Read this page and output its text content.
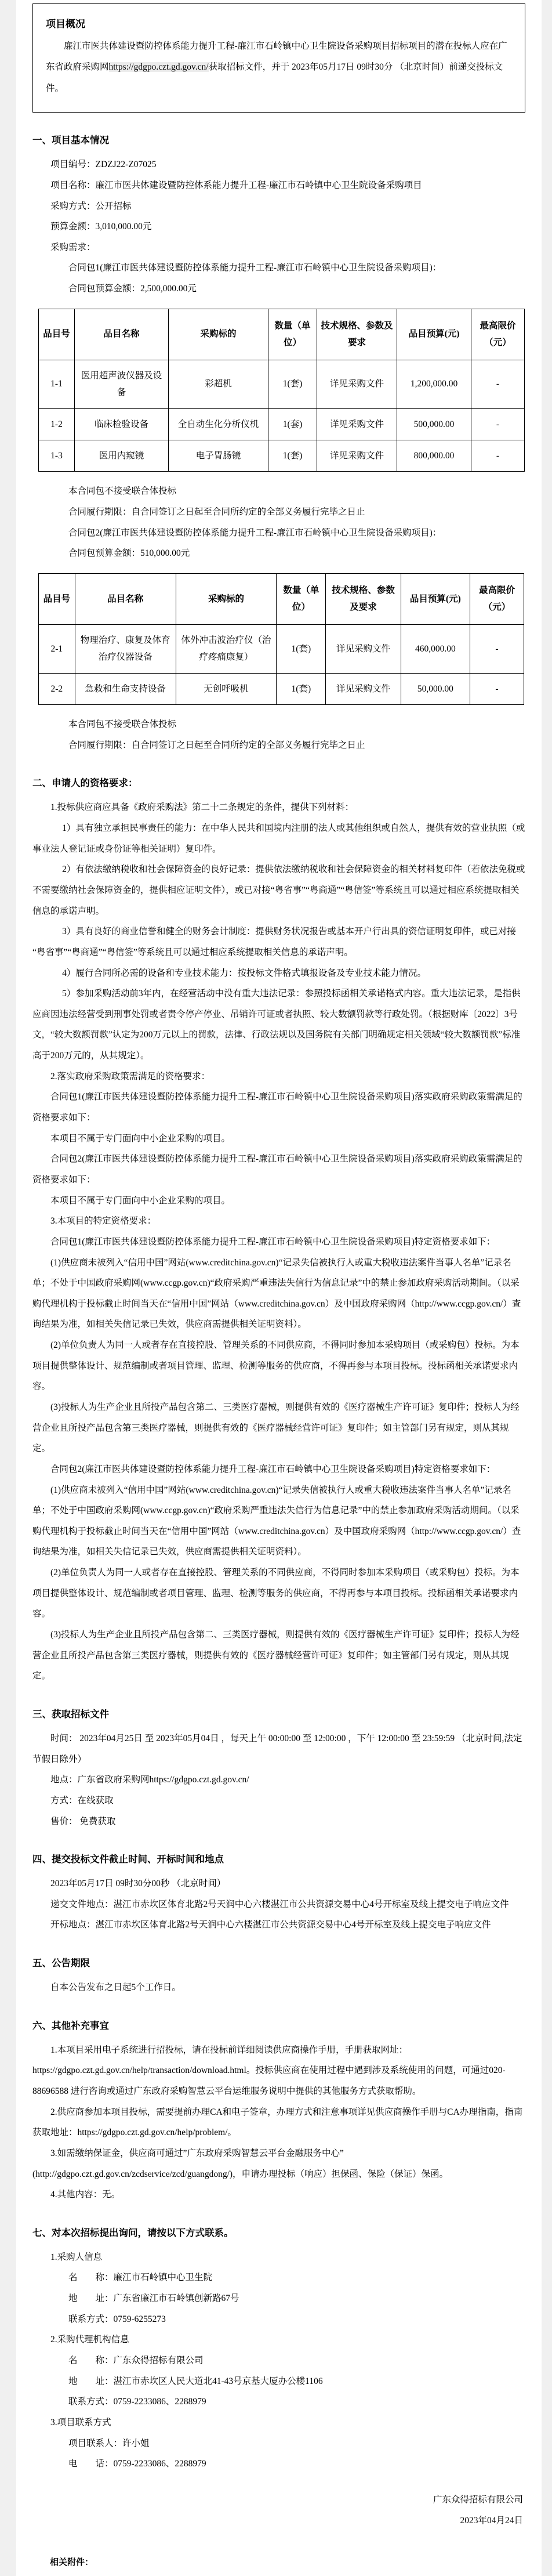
项目概况

廉江市医共体建设暨防控体系能力提升工程-廉江市石岭镇中心卫生院设备采购项目招标项目的潜在投标人应在广东省政府采购网https://gdgpo.czt.gd.gov.cn/获取招标文件，并于 2023年05月17日 09时30分 （北京时间）前递交投标文件。

一、项目基本情况

项目编号：ZDZJ22-Z07025

项目名称：廉江市医共体建设暨防控体系能力提升工程-廉江市石岭镇中心卫生院设备采购项目

采购方式：公开招标

预算金额：3,010,000.00元

采购需求：

合同包1(廉江市医共体建设暨防控体系能力提升工程-廉江市石岭镇中心卫生院设备采购项目)：

合同包预算金额：2,500,000.00元

品目号	品目名称	采购标的	数量（单位）	技术规格、参数及要求	品目预算(元)	最高限价（元）
1-1	医用超声波仪器及设备	彩超机	1(套)	详见采购文件	1,200,000.00	-
1-2	临床检验设备	全自动生化分析仪机	1(套)	详见采购文件	500,000.00	-
1-3	医用内窥镜	电子胃肠镜	1(套)	详见采购文件	800,000.00	-

本合同包不接受联合体投标

合同履行期限：自合同签订之日起至合同所约定的全部义务履行完毕之日止

合同包2(廉江市医共体建设暨防控体系能力提升工程-廉江市石岭镇中心卫生院设备采购项目)：

合同包预算金额：510,000.00元

品目号	品目名称	采购标的	数量（单位）	技术规格、参数及要求	品目预算(元)	最高限价（元）
2-1	物理治疗、康复及体育治疗仪器设备	体外冲击波治疗仪（治疗疼痛康复）	1(套)	详见采购文件	460,000.00	-
2-2	急救和生命支持设备	无创呼吸机	1(套)	详见采购文件	50,000.00	-

本合同包不接受联合体投标

合同履行期限：自合同签订之日起至合同所约定的全部义务履行完毕之日止

二、申请人的资格要求：

1.投标供应商应具备《政府采购法》第二十二条规定的条件，提供下列材料：

1）具有独立承担民事责任的能力：在中华人民共和国境内注册的法人或其他组织或自然人，提供有效的营业执照（或事业法人登记证或身份证等相关证明）复印件。

2）有依法缴纳税收和社会保障资金的良好记录：提供依法缴纳税收和社会保障资金的相关材料复印件（若依法免税或不需要缴纳社会保障资金的，提供相应证明文件），或已对接“粤省事”“粤商通”“粤信签”等系统且可以通过相应系统提取相关信息的承诺声明。

3）具有良好的商业信誉和健全的财务会计制度：提供财务状况报告或基本开户行出具的资信证明复印件，或已对接“粤省事”“粤商通”“粤信签”等系统且可以通过相应系统提取相关信息的承诺声明。

4）履行合同所必需的设备和专业技术能力：按投标文件格式填报设备及专业技术能力情况。

5）参加采购活动前3年内，在经营活动中没有重大违法记录：参照投标函相关承诺格式内容。重大违法记录，是指供应商因违法经营受到刑事处罚或者责令停产停业、吊销许可证或者执照、较大数额罚款等行政处罚。（根据财库〔2022〕3号文，“较大数额罚款”认定为200万元以上的罚款，法律、行政法规以及国务院有关部门明确规定相关领域“较大数额罚款”标准高于200万元的，从其规定）。

2.落实政府采购政策需满足的资格要求：

合同包1(廉江市医共体建设暨防控体系能力提升工程-廉江市石岭镇中心卫生院设备采购项目)落实政府采购政策需满足的资格要求如下：

本项目不属于专门面向中小企业采购的项目。

合同包2(廉江市医共体建设暨防控体系能力提升工程-廉江市石岭镇中心卫生院设备采购项目)落实政府采购政策需满足的资格要求如下：

本项目不属于专门面向中小企业采购的项目。

3.本项目的特定资格要求：

合同包1(廉江市医共体建设暨防控体系能力提升工程-廉江市石岭镇中心卫生院设备采购项目)特定资格要求如下：

(1)供应商未被列入“信用中国”网站(www.creditchina.gov.cn)“记录失信被执行人或重大税收违法案件当事人名单”记录名单；不处于中国政府采购网(www.ccgp.gov.cn)“政府采购严重违法失信行为信息记录”中的禁止参加政府采购活动期间。（以采购代理机构于投标截止时间当天在“信用中国”网站（www.creditchina.gov.cn）及中国政府采购网（http://www.ccgp.gov.cn/）查询结果为准，如相关失信记录已失效，供应商需提供相关证明资料）。

(2)单位负责人为同一人或者存在直接控股、管理关系的不同供应商，不得同时参加本采购项目（或采购包）投标。为本项目提供整体设计、规范编制或者项目管理、监理、检测等服务的供应商，不得再参与本项目投标。投标函相关承诺要求内容。

(3)投标人为生产企业且所投产品包含第二、三类医疗器械，则提供有效的《医疗器械生产许可证》复印件；投标人为经营企业且所投产品包含第三类医疗器械，则提供有效的《医疗器械经营许可证》复印件；如主管部门另有规定，则从其规定。

合同包2(廉江市医共体建设暨防控体系能力提升工程-廉江市石岭镇中心卫生院设备采购项目)特定资格要求如下：

(1)供应商未被列入“信用中国”网站(www.creditchina.gov.cn)“记录失信被执行人或重大税收违法案件当事人名单”记录名单；不处于中国政府采购网(www.ccgp.gov.cn)“政府采购严重违法失信行为信息记录”中的禁止参加政府采购活动期间。（以采购代理机构于投标截止时间当天在“信用中国”网站（www.creditchina.gov.cn）及中国政府采购网（http://www.ccgp.gov.cn/）查询结果为准，如相关失信记录已失效，供应商需提供相关证明资料）。

(2)单位负责人为同一人或者存在直接控股、管理关系的不同供应商，不得同时参加本采购项目（或采购包）投标。为本项目提供整体设计、规范编制或者项目管理、监理、检测等服务的供应商，不得再参与本项目投标。投标函相关承诺要求内容。

(3)投标人为生产企业且所投产品包含第二、三类医疗器械，则提供有效的《医疗器械生产许可证》复印件；投标人为经营企业且所投产品包含第三类医疗器械，则提供有效的《医疗器械经营许可证》复印件；如主管部门另有规定，则从其规定。

三、获取招标文件

时间： 2023年04月25日 至 2023年05月04日 ，每天上午 00:00:00 至 12:00:00 ，下午 12:00:00 至 23:59:59 （北京时间,法定节假日除外）

地点：广东省政府采购网https://gdgpo.czt.gd.gov.cn/

方式：在线获取

售价： 免费获取

四、提交投标文件截止时间、开标时间和地点

2023年05月17日 09时30分00秒 （北京时间）

递交文件地点：湛江市赤坎区体育北路2号天润中心六楼湛江市公共资源交易中心4号开标室及线上提交电子响应文件

开标地点：湛江市赤坎区体育北路2号天润中心六楼湛江市公共资源交易中心4号开标室及线上提交电子响应文件

五、公告期限

自本公告发布之日起5个工作日。

六、其他补充事宜

1.本项目采用电子系统进行招投标，请在投标前详细阅读供应商操作手册，手册获取网址：https://gdgpo.czt.gd.gov.cn/help/transaction/download.html。投标供应商在使用过程中遇到涉及系统使用的问题，可通过020-88696588 进行咨询或通过广东政府采购智慧云平台运维服务说明中提供的其他服务方式获取帮助。

2.供应商参加本项目投标，需要提前办理CA和电子签章，办理方式和注意事项详见供应商操作手册与CA办理指南，指南获取地址：https://gdgpo.czt.gd.gov.cn/help/problem/。

3.如需缴纳保证金，供应商可通过”广东政府采购智慧云平台金融服务中心”(http://gdgpo.czt.gd.gov.cn/zcdservice/zcd/guangdong/)，申请办理投标（响应）担保函、保险（保证）保函。

4.其他内容：无。

七、对本次招标提出询问，请按以下方式联系。

1.采购人信息

名　　称：廉江市石岭镇中心卫生院

地　　址：广东省廉江市石岭镇创新路67号

联系方式：0759-6255273

2.采购代理机构信息

名　　称：广东众得招标有限公司

地　　址：湛江市赤坎区人民大道北41-43号京基大厦办公楼1106

联系方式：0759-2233086、2288979

3.项目联系方式

项目联系人：许小姐

电　　话：0759-2233086、2288979

广东众得招标有限公司
2023年04月24日
相关附件：
